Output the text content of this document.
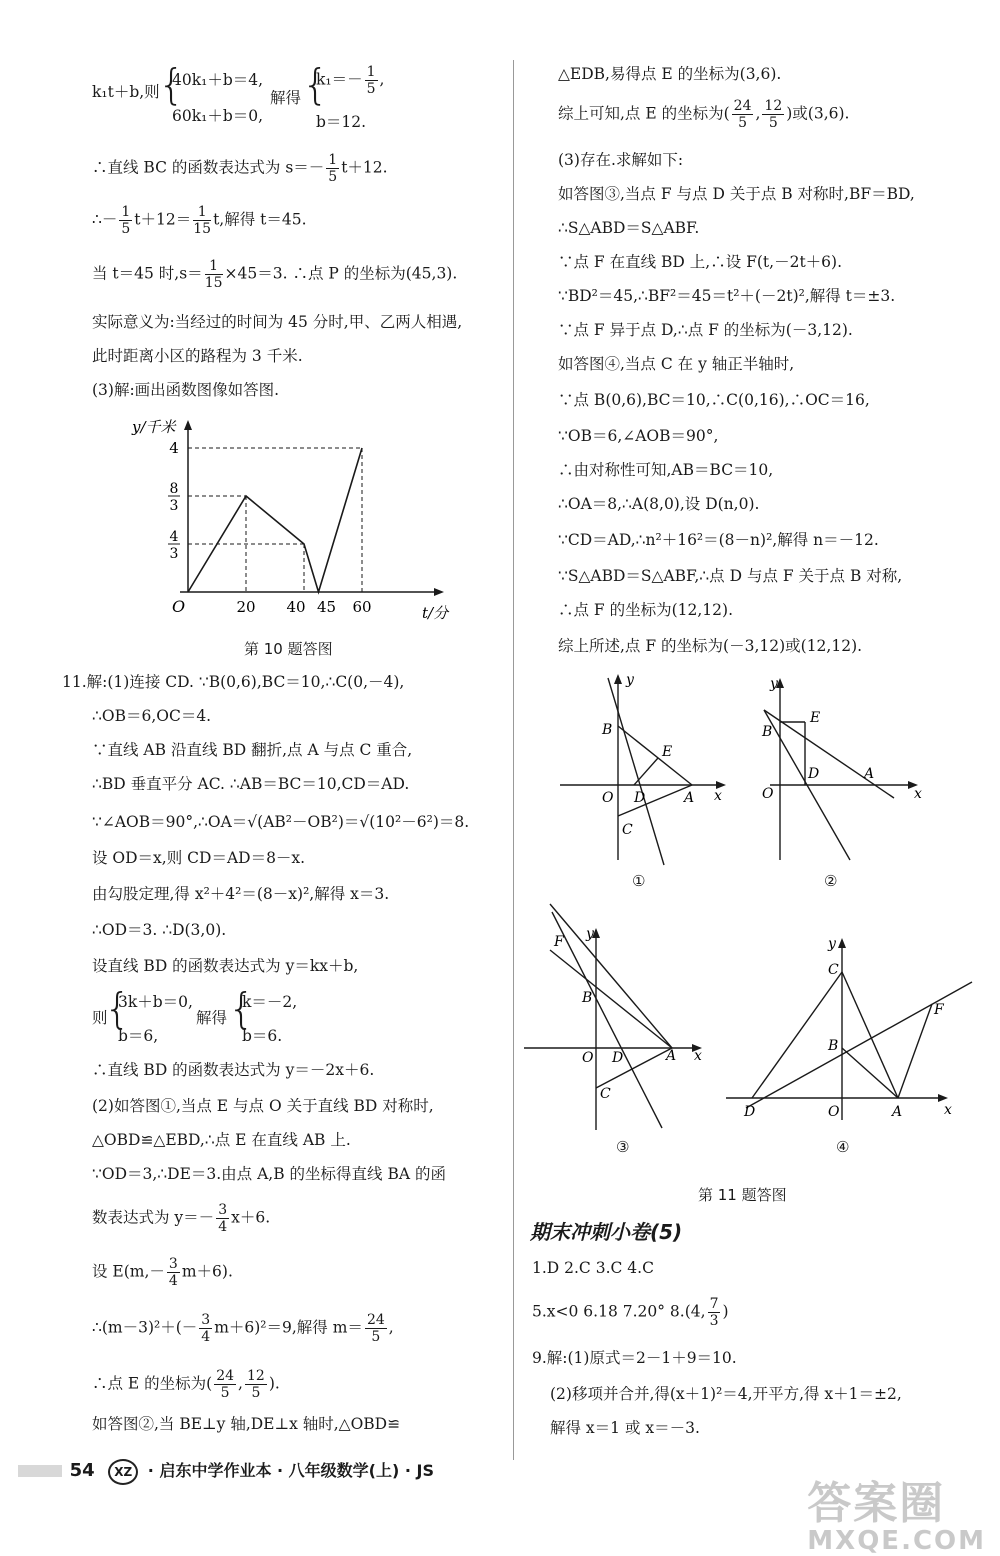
k₁t＋b,则
{
40k₁＋b＝4,
60k₁＋b＝0,
解得 {
$k_1=- \frac{1}{5}$ ,
b＝12.
∴直线 BC 的函数表达式为 $s=- \frac{1}{5} t+12$.
∴－ $\frac{1}{5} t+12= \frac{1}{15} t$,解得 t＝45.
当 t＝45 时$,s= \frac{1}{15} \times 45=3$. ∴点 P 的坐标为(45,3).
实际意义为:当经过的时间为 45 分时,甲、乙两人相遇,
此时距离小区的路程为 3 千米.
(3)解:画出函数图像如答图.
y/千米
t/分
O
4
8
3
4
3
20 40 45 60
第 10 题答图
11.解:(1)连接 CD. ∵B(0,6),BC＝10,∴C(0,－4),
∴OB＝6,OC＝4.
∵直线 AB 沿直线 BD 翻折,点 A 与点 C 重合,
∴BD 垂直平分 AC. ∴AB＝BC＝10,CD＝AD.
∵∠AOB＝90°,∴OA＝√(AB²－OB²)＝√(10²－6²)＝8.
设 OD＝x,则 CD＝AD＝8－x.
由勾股定理,得 x²＋4²＝(8－x)²,解得 x＝3.
∴OD＝3. ∴D(3,0).
设直线 BD 的函数表达式为 y＝kx＋b,
则
{
3k＋b＝0,
b＝6,
解得 {
k＝－2,
b＝6.
∴直线 BD 的函数表达式为 y＝－2x＋6.
(2)如答图①,当点 E 与点 O 关于直线 BD 对称时,
△OBD≌△EBD,∴点 E 在直线 AB 上.
∵OD＝3,∴DE＝3.由点 A,B 的坐标得直线 BA 的函
数表达式为 $y=- \frac{3}{4} x+6$.
设 $E(m,- \frac{3}{4} m+6)$.
∴(m－3)²＋(－ $\frac{3}{4} m+6)^2=9$,解得 $m= \frac{24}{5}$ ,
∴点 E 的坐标为( $\frac{24}{5}$ , $\frac{12}{5}$ ).
如答图②,当 BE⊥y 轴,DE⊥x 轴时,△OBD≌
△EDB,易得点 E 的坐标为(3,6).
综上可知,点 E 的坐标为( $\frac{24}{5}$ , $\frac{12}{5}$ )或(3,6).
(3)存在.求解如下:
如答图③,当点 F 与点 D 关于点 B 对称时,BF＝BD,
∴S△ABD＝S△ABF.
∵点 F 在直线 BD 上,∴设 F(t,－2t＋6).
∵BD²＝45,∴BF²＝45＝t²＋(－2t)²,解得 t＝±3.
∵点 F 异于点 D,∴点 F 的坐标为(－3,12).
如答图④,当点 C 在 y 轴正半轴时,
∵点 B(0,6),BC＝10,∴C(0,16),∴OC＝16,
∵OB＝6,∠AOB＝90°,
∴由对称性可知,AB＝BC＝10,
∴OA＝8,∴A(8,0),设 D(n,0).
∵CD＝AD,∴n²＋16²＝(8－n)²,解得 n＝－12.
∵S△ABD＝S△ABF,∴点 D 与点 F 关于点 B 对称,
∴点 F 的坐标为(12,12).
综上所述,点 F 的坐标为(－3,12)或(12,12).
y
B
E
O D	A x
C
①
y
E
B
D	A
O	x
②
F y
B
O D	A x
C
③
y
C
F
B
D	O	A	x
④
第 11 题答图
期末冲刺小卷(5)
1.D 2.C 3.C 4.C
5.x<0 6.18 7.20° 8.(4, $\frac{7}{3}$ )
9.解:(1)原式＝2－1＋9＝10.
(2)移项并合并,得(x＋1)²＝4,开平方,得 x＋1＝±2,
解得 x＝1 或 x＝－3.
54 XZ · 启东中学作业本 · 八年级数学(上) · JS
答案圈
MXQE.COM
